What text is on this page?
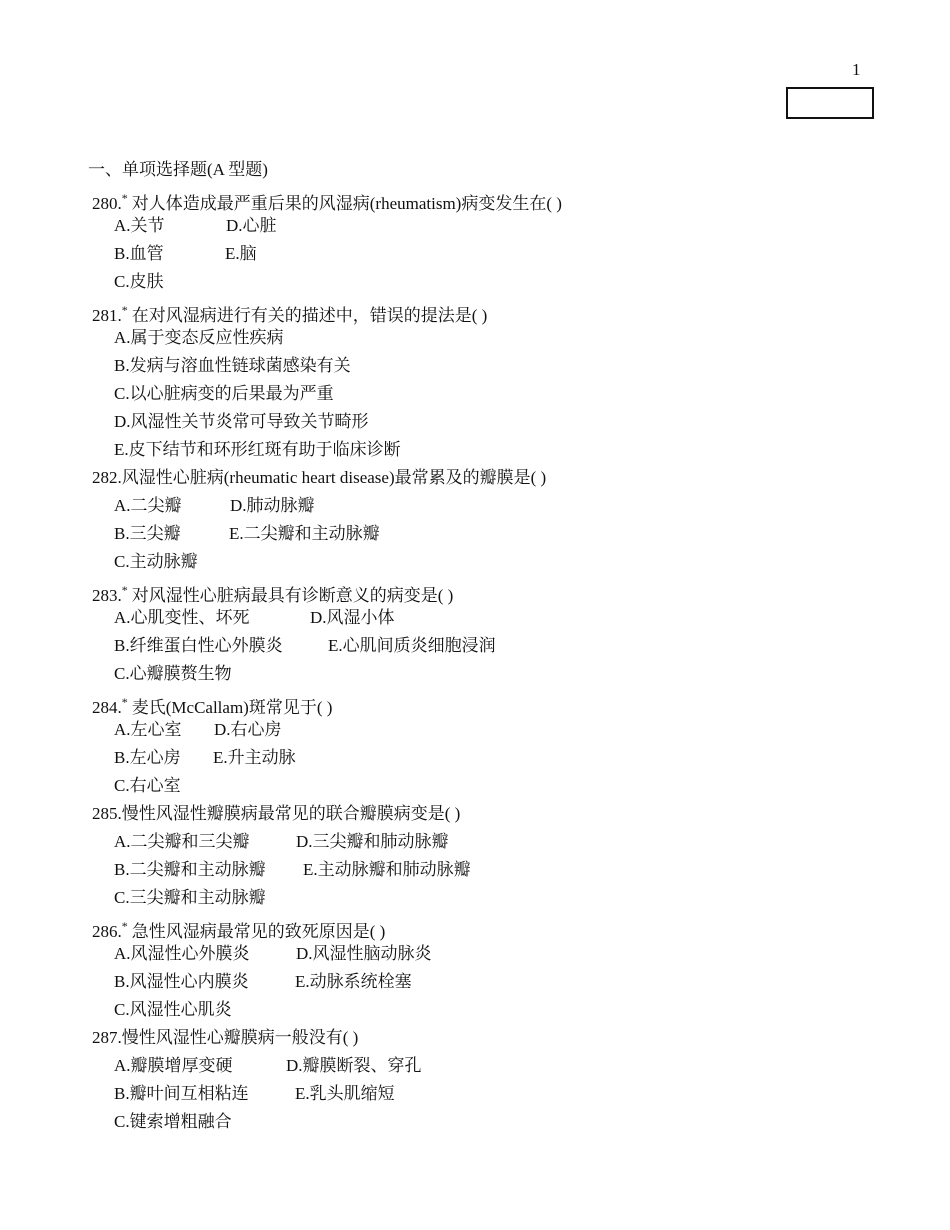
1
一、单项选择题(A 型题)
280.* 对人体造成最严重后果的风湿病(rheumatism)病变发生在( )
A.关节	D.心脏
B.血管	E.脑
C.皮肤
281.* 在对风湿病进行有关的描述中，错误的提法是( )
A.属于变态反应性疾病
B.发病与溶血性链球菌感染有关
C.以心脏病变的后果最为严重
D.风湿性关节炎常可导致关节畸形
E.皮下结节和环形红斑有助于临床诊断
282.风湿性心脏病(rheumatic heart disease)最常累及的瓣膜是( )
A.二尖瓣	D.肺动脉瓣
B.三尖瓣	E.二尖瓣和主动脉瓣
C.主动脉瓣
283.* 对风湿性心脏病最具有诊断意义的病变是( )
A.心肌变性、坏死	D.风湿小体
B.纤维蛋白性心外膜炎	E.心肌间质炎细胞浸润
C.心瓣膜赘生物
284.* 麦氏(McCallam)斑常见于( )
A.左心室	D.右心房
B.左心房	E.升主动脉
C.右心室
285.慢性风湿性瓣膜病最常见的联合瓣膜病变是( )
A.二尖瓣和三尖瓣	D.三尖瓣和肺动脉瓣
B.二尖瓣和主动脉瓣	E.主动脉瓣和肺动脉瓣
C.三尖瓣和主动脉瓣
286.* 急性风湿病最常见的致死原因是( )
A.风湿性心外膜炎	D.风湿性脑动脉炎
B.风湿性心内膜炎	E.动脉系统栓塞
C.风湿性心肌炎
287.慢性风湿性心瓣膜病一般没有( )
A.瓣膜增厚变硬	D.瓣膜断裂、穿孔
B.瓣叶间互相粘连	E.乳头肌缩短
C.键索增粗融合
